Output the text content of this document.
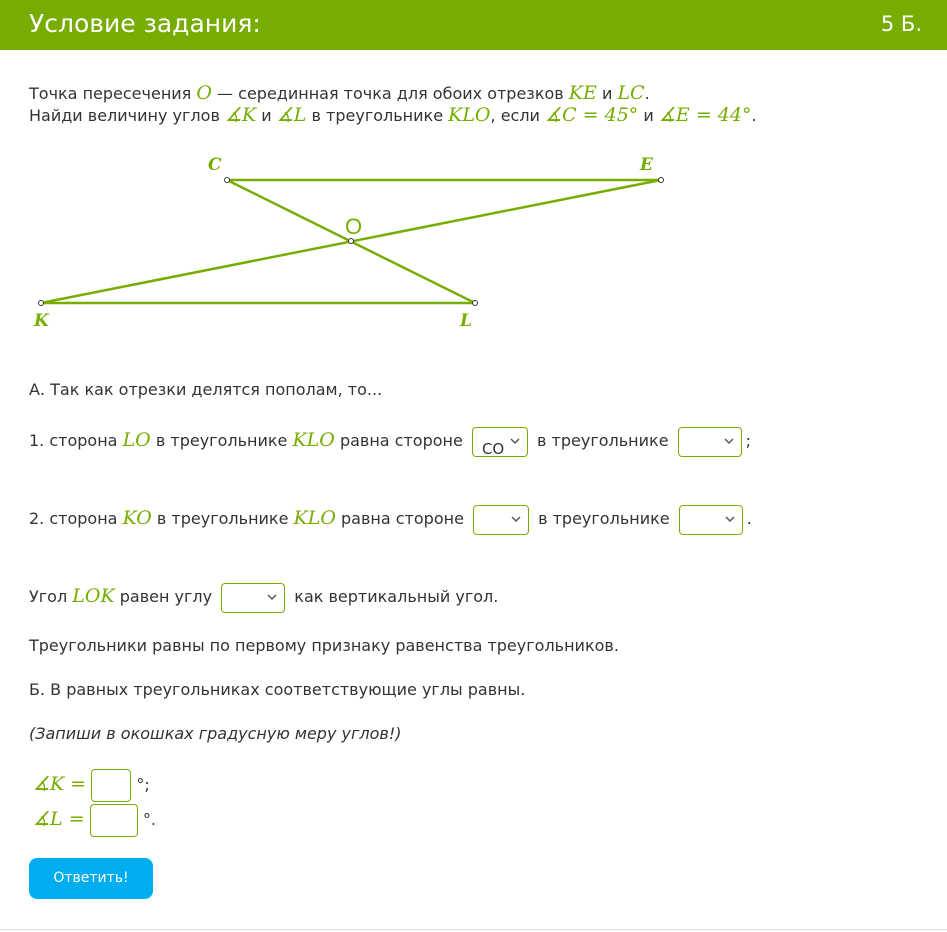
Условие задания:	5 Б.
Точка пересечения O — серединная точка для обоих отрезков KE и LC.
Найди величину углов ∡K и ∡L в треугольнике KLO, если ∡C = 45° и ∡E = 44°.
C	E
K	L
O
А. Так как отрезки делятся пополам, то...
1. сторона LO в треугольнике KLO равна стороне CO в треугольнике	;
2. сторона KO в треугольнике KLO равна стороне	в треугольнике	.
Угол LOK равен углу	как вертикальный угол.
Треугольники равны по первому признаку равенства треугольников.
Б. В равных треугольниках соответствующие углы равны.
(Запиши в окошках градусную меру углов!)
∡K =	°;
∡L =	°.
Ответить!
